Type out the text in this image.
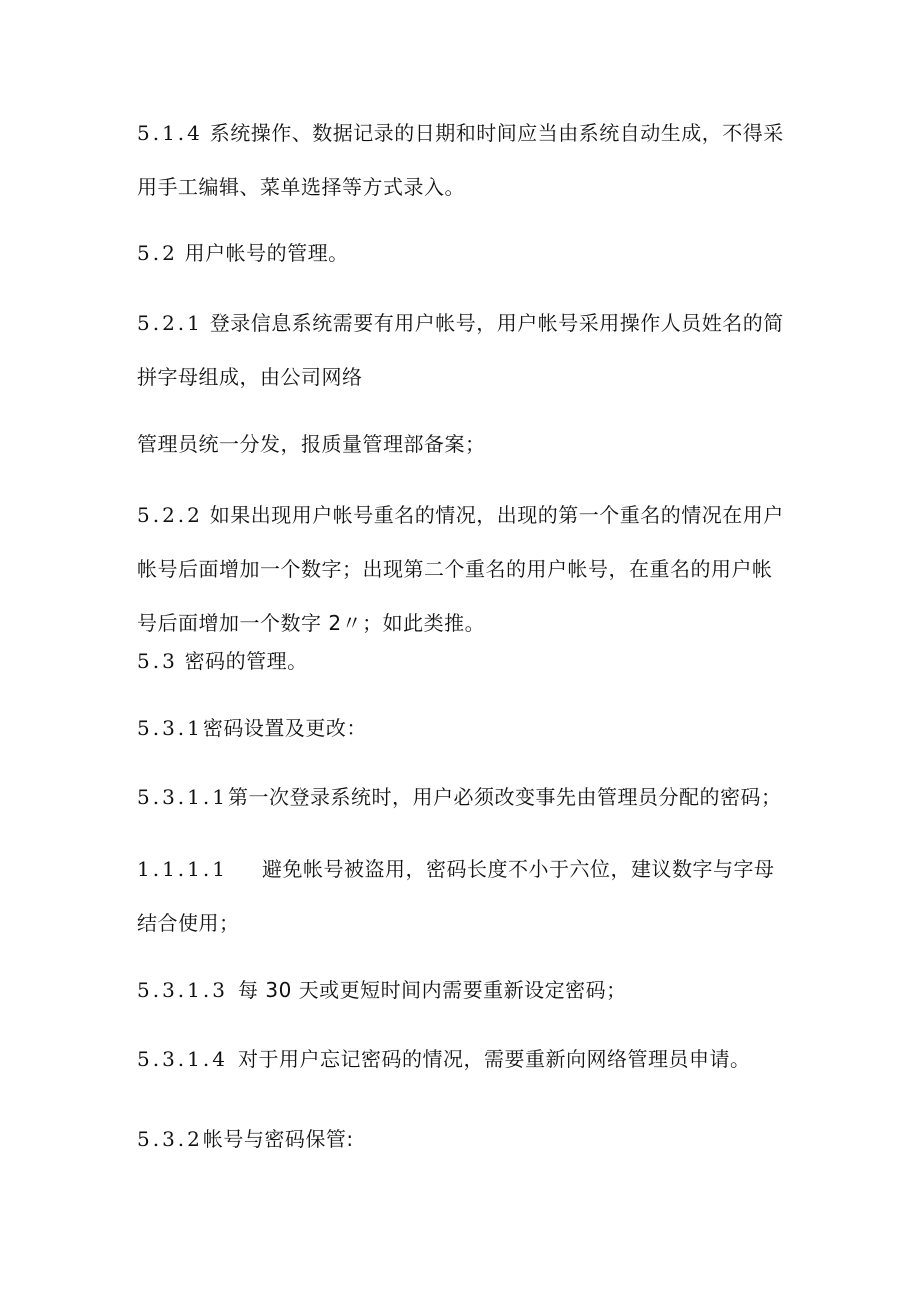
5.1.4 系统操作、数据记录的日期和时间应当由系统自动生成，不得采用手工编辑、菜单选择等方式录入。

5.2 用户帐号的管理。

5.2.1 登录信息系统需要有用户帐号，用户帐号采用操作人员姓名的简拼字母组成，由公司网络

管理员统一分发，报质量管理部备案；

5.2.2 如果出现用户帐号重名的情况，出现的第一个重名的情况在用户帐号后面增加一个数字；出现第二个重名的用户帐号，在重名的用户帐号后面增加一个数字 2〃；如此类推。

5.3 密码的管理。

5.3.1密码设置及更改：

5.3.1.1第一次登录系统时，用户必须改变事先由管理员分配的密码；

1.1.1.1 避免帐号被盗用，密码长度不小于六位，建议数字与字母结合使用；

5.3.1.3 每 30 天或更短时间内需要重新设定密码；

5.3.1.4 对于用户忘记密码的情况，需要重新向网络管理员申请。

5.3.2帐号与密码保管:
